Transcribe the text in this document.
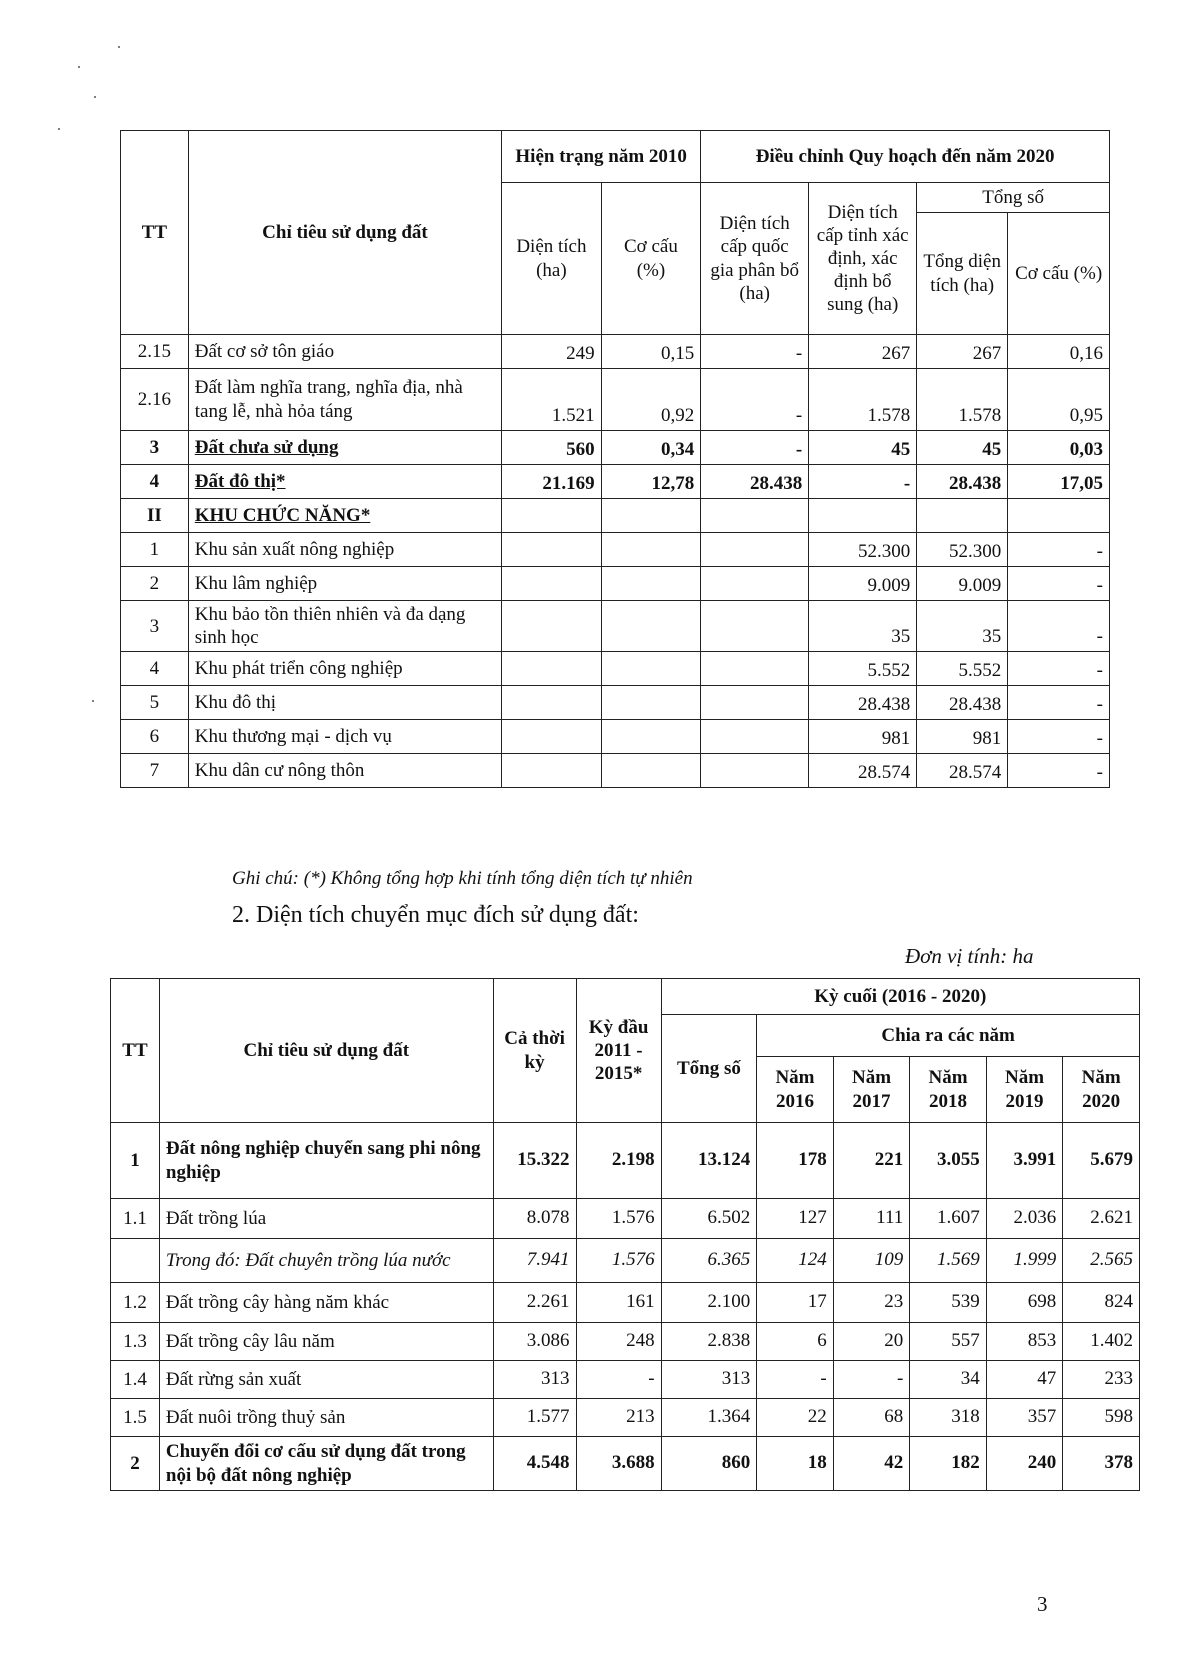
TT	Chỉ tiêu sử dụng đất	Hiện trạng năm 2010		Điều chỉnh Quy hoạch đến năm 2020			
		Diện tích (ha)	Cơ cấu (%)	Diện tích cấp quốc gia phân bổ (ha)	Diện tích cấp tỉnh xác định, xác định bổ sung (ha)	Tổng số	
						Tổng diện tích (ha)	Cơ cấu (%)
2.15	Đất cơ sở tôn giáo	249	0,15	-	267	267	0,16
2.16	Đất làm nghĩa trang, nghĩa địa, nhà tang lễ, nhà hỏa táng	1.521	0,92	-	1.578	1.578	0,95
3	Đất chưa sử dụng	560	0,34	-	45	45	0,03
4	Đất đô thị*	21.169	12,78	28.438	-	28.438	17,05
II	KHU CHỨC NĂNG*						
1	Khu sản xuất nông nghiệp				52.300	52.300	-
2	Khu lâm nghiệp				9.009	9.009	-
3	Khu bảo tồn thiên nhiên và đa dạng sinh học				35	35	-
4	Khu phát triển công nghiệp				5.552	5.552	-
5	Khu đô thị				28.438	28.438	-
6	Khu thương mại - dịch vụ				981	981	-
7	Khu dân cư nông thôn				28.574	28.574	-
Ghi chú: (*) Không tổng hợp khi tính tổng diện tích tự nhiên
2. Diện tích chuyển mục đích sử dụng đất:
Đơn vị tính: ha
TT	Chỉ tiêu sử dụng đất	Cả thời kỳ	Kỳ đầu 2011 - 2015*	Kỳ cuối (2016 - 2020)					
				Tổng số	Chia ra các năm				
					Năm 2016	Năm 2017	Năm 2018	Năm 2019	Năm 2020
1	Đất nông nghiệp chuyển sang phi nông nghiệp	15.322	2.198	13.124	178	221	3.055	3.991	5.679
1.1	Đất trồng lúa	8.078	1.576	6.502	127	111	1.607	2.036	2.621
	Trong đó: Đất chuyên trồng lúa nước	7.941	1.576	6.365	124	109	1.569	1.999	2.565
1.2	Đất trồng cây hàng năm khác	2.261	161	2.100	17	23	539	698	824
1.3	Đất trồng cây lâu năm	3.086	248	2.838	6	20	557	853	1.402
1.4	Đất rừng sản xuất	313	-	313	-	-	34	47	233
1.5	Đất nuôi trồng thuỷ sản	1.577	213	1.364	22	68	318	357	598
2	Chuyển đổi cơ cấu sử dụng đất trong nội bộ đất nông nghiệp	4.548	3.688	860	18	42	182	240	378
3
